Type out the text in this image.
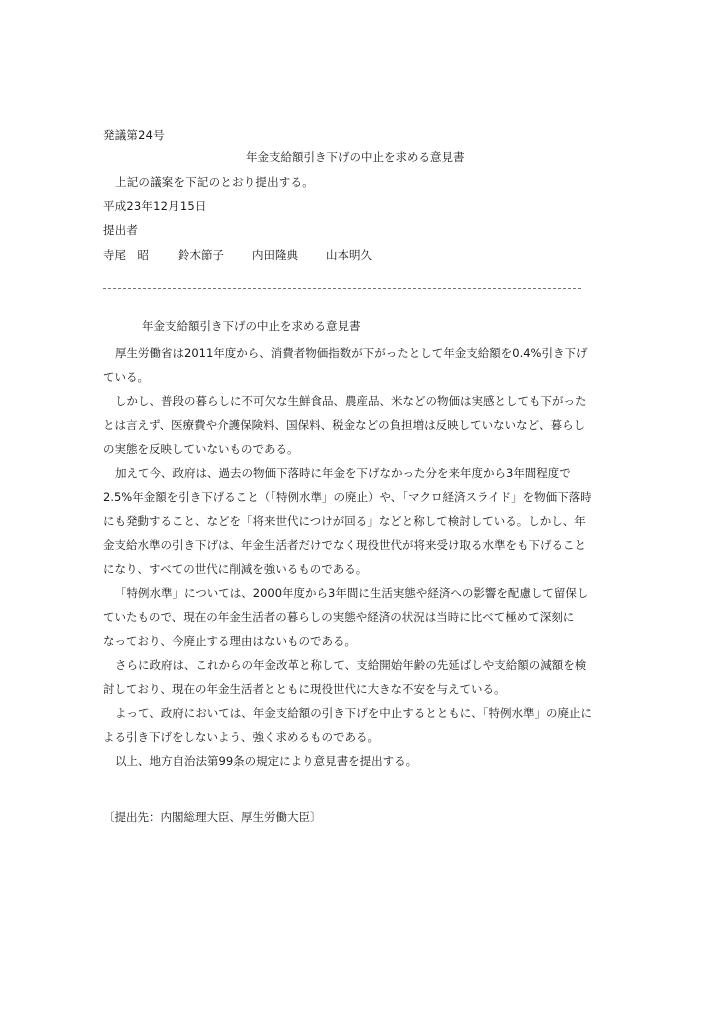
発議第24号
年金支給額引き下げの中止を求める意見書
上記の議案を下記のとおり提出する。
平成23年12月15日
提出者
寺尾　昭	鈴木節子	内田隆典	山本明久
年金支給額引き下げの中止を求める意見書
厚生労働省は2011年度から、消費者物価指数が下がったとして年金支給額を0.4%引き下げ
ている。
しかし、普段の暮らしに不可欠な生鮮食品、農産品、米などの物価は実感としても下がった
とは言えず、医療費や介護保険料、国保料、税金などの負担増は反映していないなど、暮らし
の実態を反映していないものである。
加えて今、政府は、過去の物価下落時に年金を下げなかった分を来年度から3年間程度で
2.5%年金額を引き下げること（「特例水準」の廃止）や、「マクロ経済スライド」を物価下落時
にも発動すること、などを「将来世代につけが回る」などと称して検討している。しかし、年
金支給水準の引き下げは、年金生活者だけでなく現役世代が将来受け取る水準をも下げること
になり、すべての世代に削減を強いるものである。
「特例水準」については、2000年度から3年間に生活実態や経済への影響を配慮して留保し
ていたもので、現在の年金生活者の暮らしの実態や経済の状況は当時に比べて極めて深刻に
なっており、今廃止する理由はないものである。
さらに政府は、これからの年金改革と称して、支給開始年齢の先延ばしや支給額の減額を検
討しており、現在の年金生活者とともに現役世代に大きな不安を与えている。
よって、政府においては、年金支給額の引き下げを中止するとともに、「特例水準」の廃止に
よる引き下げをしないよう、強く求めるものである。
以上、地方自治法第99条の規定により意見書を提出する。
〔提出先：内閣総理大臣、厚生労働大臣〕
